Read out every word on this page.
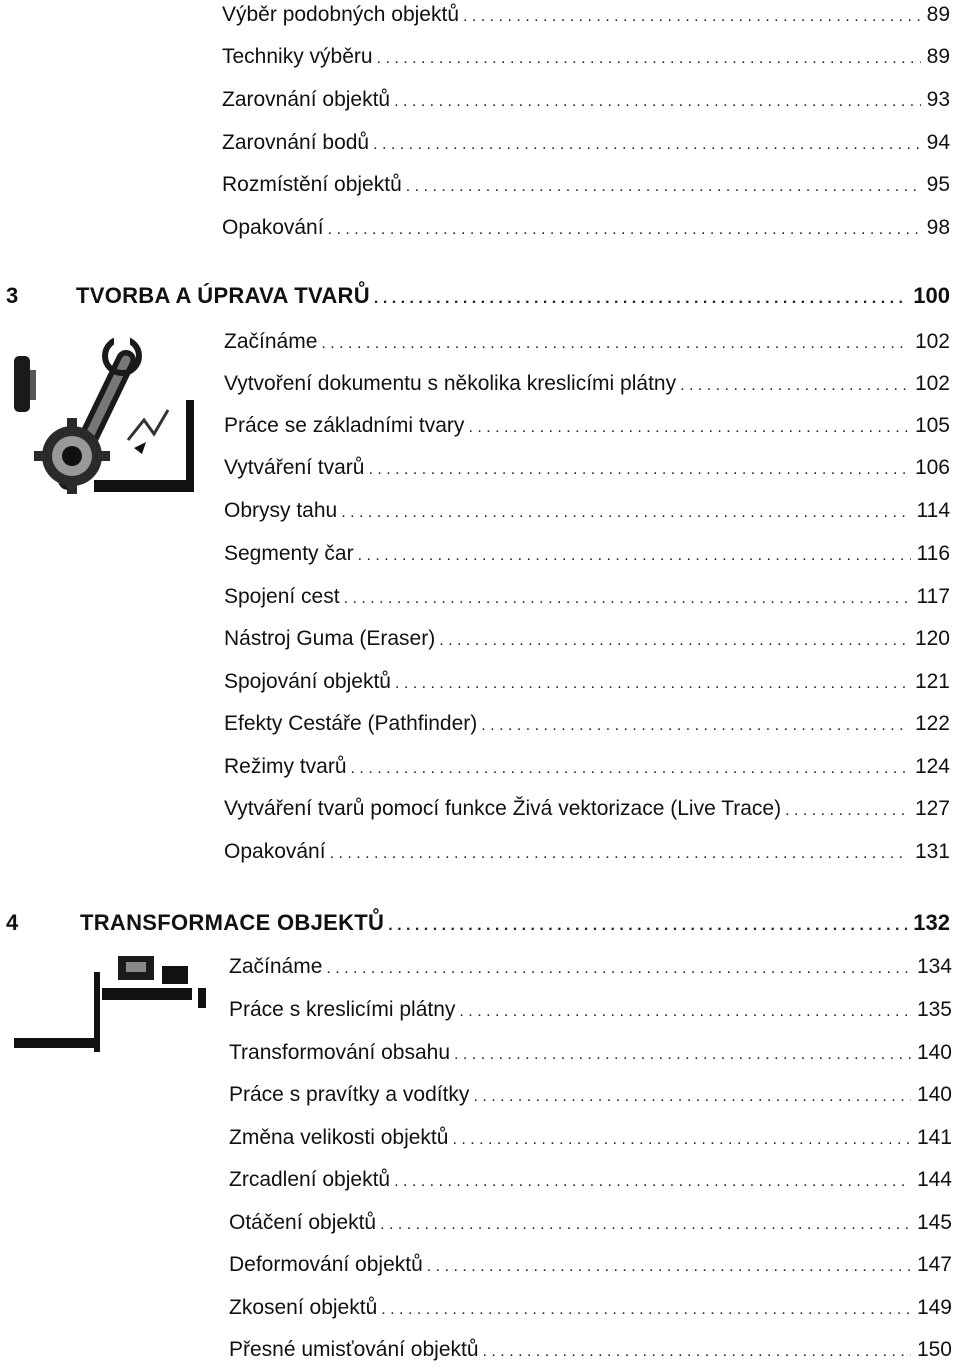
Výběr podobných objektů . . .	89
Techniky výběru . . .	89
Zarovnání objektů . . .	93
Zarovnání bodů . . .	94
Rozmístění objektů . . .	95
Opakování . . .	98
3	TVORBA A ÚPRAVA TVARŮ . . .	100
Začínáme . . .	102
Vytvoření dokumentu s několika kreslicími plátny . . .	102
Práce se základními tvary . . .	105
Vytváření tvarů . . .	106
Obrysy tahu . . .	114
Segmenty čar . . .	116
Spojení cest . . .	117
Nástroj Guma (Eraser) . . .	120
Spojování objektů . . .	121
Efekty Cestáře (Pathfinder) . . .	122
Režimy tvarů . . .	124
Vytváření tvarů pomocí funkce Živá vektorizace (Live Trace) . . .	127
Opakování . . .	131
4	TRANSFORMACE OBJEKTŮ . . .	132
Začínáme . . .	134
Práce s kreslicími plátny . . .	135
Transformování obsahu . . .	140
Práce s pravítky a vodítky . . .	140
Změna velikosti objektů . . .	141
Zrcadlení objektů . . .	144
Otáčení objektů . . .	145
Deformování objektů . . .	147
Zkosení objektů . . .	149
Přesné umisťování objektů . . .	150
